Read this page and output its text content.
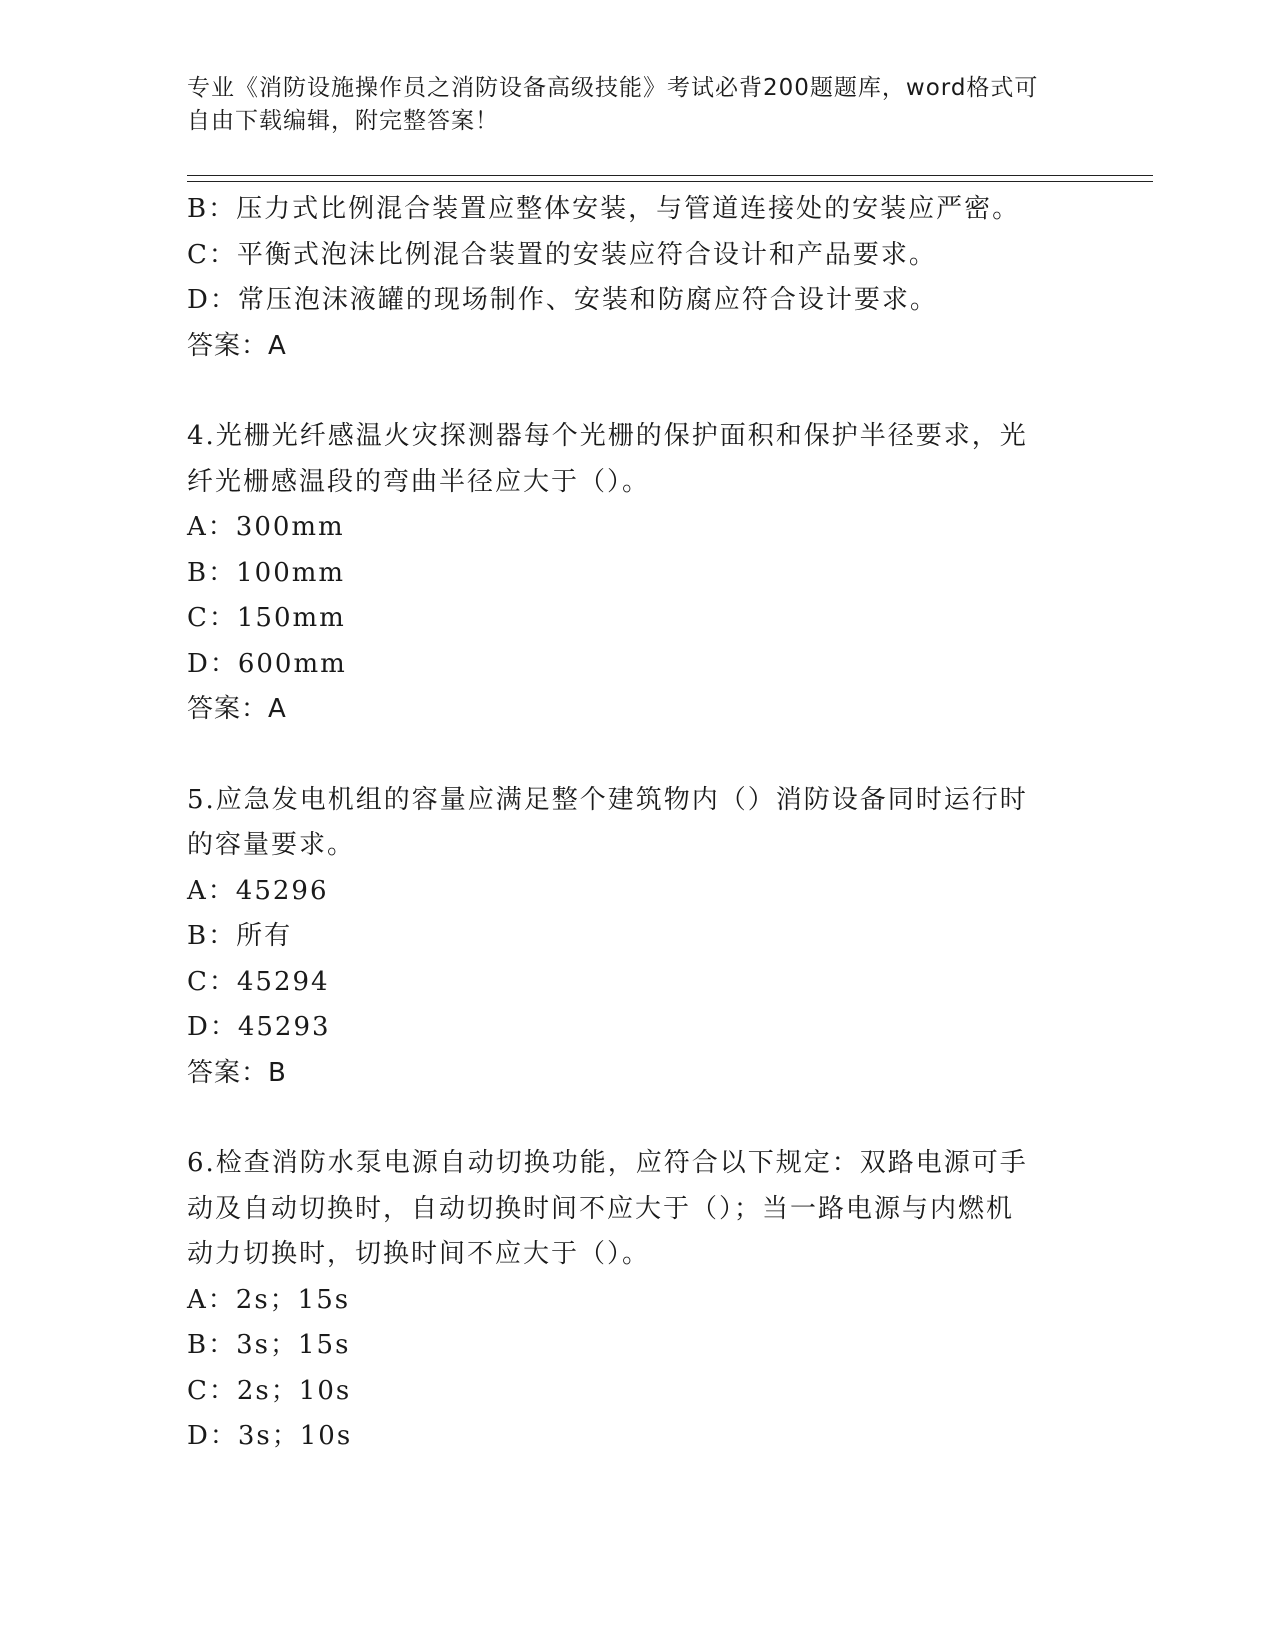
专业《消防设施操作员之消防设备高级技能》考试必背200题题库，word格式可
自由下载编辑，附完整答案！
B：压力式比例混合装置应整体安装，与管道连接处的安装应严密。
C：平衡式泡沫比例混合装置的安装应符合设计和产品要求。
D：常压泡沫液罐的现场制作、安装和防腐应符合设计要求。
答案：A
4.光栅光纤感温火灾探测器每个光栅的保护面积和保护半径要求，光
纤光栅感温段的弯曲半径应大于（）。
A：300mm
B：100mm
C：150mm
D：600mm
答案：A
5.应急发电机组的容量应满足整个建筑物内（）消防设备同时运行时
的容量要求。
A：45296
B：所有
C：45294
D：45293
答案：B
6.检查消防水泵电源自动切换功能，应符合以下规定：双路电源可手
动及自动切换时，自动切换时间不应大于（）；当一路电源与内燃机
动力切换时，切换时间不应大于（）。
A：2s；15s
B：3s；15s
C：2s；10s
D：3s；10s
